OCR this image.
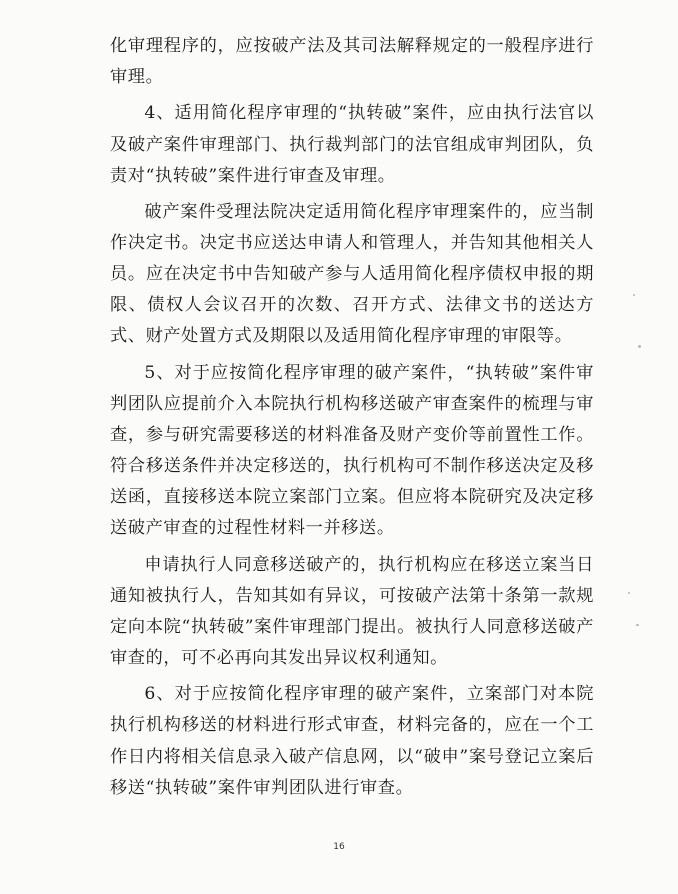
化审理程序的，应按破产法及其司法解释规定的一般程序进行审理。

4、适用简化程序审理的“执转破”案件，应由执行法官以及破产案件审理部门、执行裁判部门的法官组成审判团队，负责对“执转破”案件进行审查及审理。

破产案件受理法院决定适用简化程序审理案件的，应当制作决定书。决定书应送达申请人和管理人，并告知其他相关人员。应在决定书中告知破产参与人适用简化程序债权申报的期限、债权人会议召开的次数、召开方式、法律文书的送达方式、财产处置方式及期限以及适用简化程序审理的审限等。

5、对于应按简化程序审理的破产案件，“执转破”案件审判团队应提前介入本院执行机构移送破产审查案件的梳理与审查，参与研究需要移送的材料准备及财产变价等前置性工作。符合移送条件并决定移送的，执行机构可不制作移送决定及移送函，直接移送本院立案部门立案。但应将本院研究及决定移送破产审查的过程性材料一并移送。

申请执行人同意移送破产的，执行机构应在移送立案当日通知被执行人，告知其如有异议，可按破产法第十条第一款规定向本院“执转破”案件审理部门提出。被执行人同意移送破产审查的，可不必再向其发出异议权利通知。

6、对于应按简化程序审理的破产案件，立案部门对本院执行机构移送的材料进行形式审查，材料完备的，应在一个工作日内将相关信息录入破产信息网，以“破申”案号登记立案后移送“执转破”案件审判团队进行审查。

16
